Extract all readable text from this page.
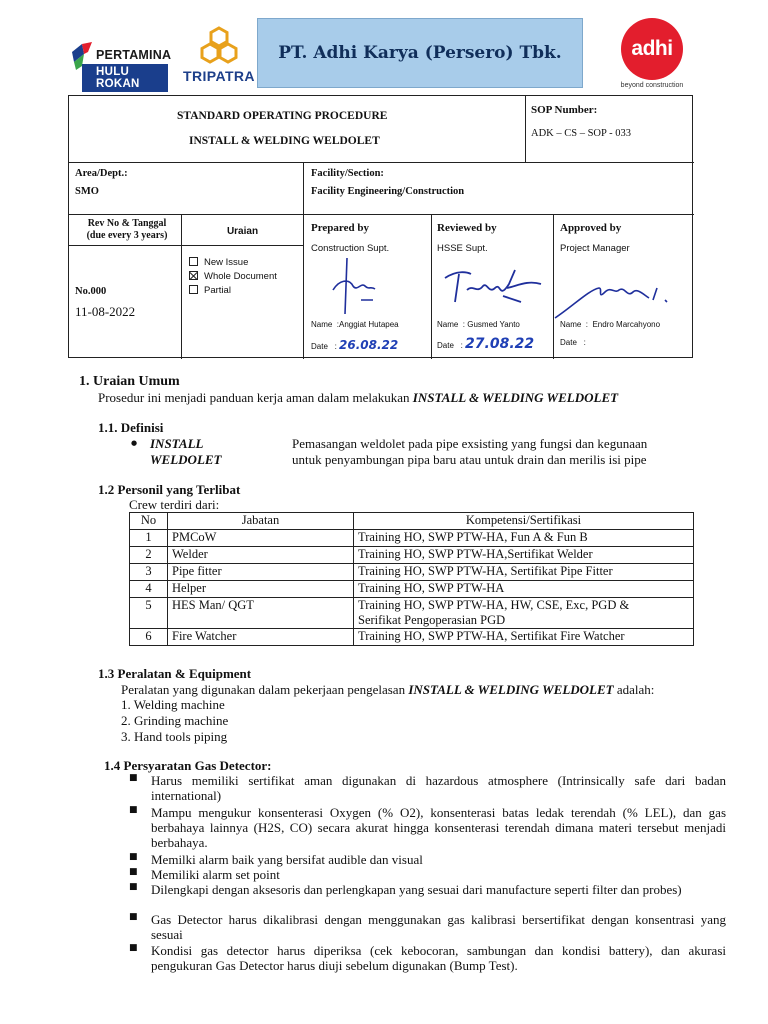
PERTAMINA
HULU ROKAN	TRIPATRA
PT. Adhi Karya (Persero) Tbk.	adhi
beyond construction
STANDARD OPERATING PROCEDURE
INSTALL & WELDING WELDOLET
SOP Number:
ADK – CS – SOP - 033
Area/Dept.:
SMO
Facility/Section:
Facility Engineering/Construction
Rev No & Tanggal
(due every 3 years)	Uraian
New Issue
Whole Document
Partial
No.000
11-08-2022
Prepared by
Construction Supt.
Name  :Anggiat Hutapea
Date   : 26.08.22
Reviewed by
HSSE Supt.
Name  : Gusmed Yanto
Date   : 27.08.22
Approved by
Project Manager
Name  :  Endro Marcahyono
Date   :
1. Uraian Umum
Prosedur ini menjadi panduan kerja aman dalam melakukan INSTALL & WELDING WELDOLET
1.1. Definisi
● INSTALL
WELDOLET
Pemasangan weldolet pada pipe exsisting yang fungsi dan kegunaan
untuk penyambungan pipa baru atau untuk drain dan merilis isi pipe
1.2 Personil yang Terlibat
Crew terdiri dari:
No	Jabatan	Kompetensi/Sertifikasi
1	PMCoW	Training HO, SWP PTW-HA, Fun A & Fun B
2	Welder	Training HO, SWP PTW-HA,Sertifikat Welder
3	Pipe fitter	Training HO, SWP PTW-HA, Sertifikat Pipe Fitter
4	Helper	Training HO, SWP PTW-HA
5	HES Man/ QGT	Training HO, SWP PTW-HA, HW, CSE, Exc, PGD &
Serifikat Pengoperasian PGD

6	Fire Watcher	Training HO, SWP PTW-HA, Sertifikat Fire Watcher
1.3 Peralatan & Equipment
Peralatan yang digunakan dalam pekerjaan pengelasan INSTALL & WELDING WELDOLET adalah:
1. Welding machine
2. Grinding machine
3. Hand tools piping
1.4 Persyaratan Gas Detector:
■ Harus memiliki sertifikat aman digunakan di hazardous atmosphere (Intrinsically safe dari badan international)
■ Mampu mengukur konsenterasi Oxygen (% O2), konsenterasi batas ledak terendah (% LEL), dan gas berbahaya lainnya (H2S, CO) secara akurat hingga konsenterasi terendah dimana materi tersebut menjadi berbahaya.
■ Memilki alarm baik yang bersifat audible dan visual
■ Memiliki alarm set point
■ Dilengkapi dengan aksesoris dan perlengkapan yang sesuai dari manufacture seperti filter dan probes)
■ Gas Detector harus dikalibrasi dengan menggunakan gas kalibrasi bersertifikat dengan konsentrasi yang sesuai
■ Kondisi gas detector harus diperiksa (cek kebocoran, sambungan dan kondisi battery), dan akurasi pengukuran Gas Detector harus diuji sebelum digunakan (Bump Test).
